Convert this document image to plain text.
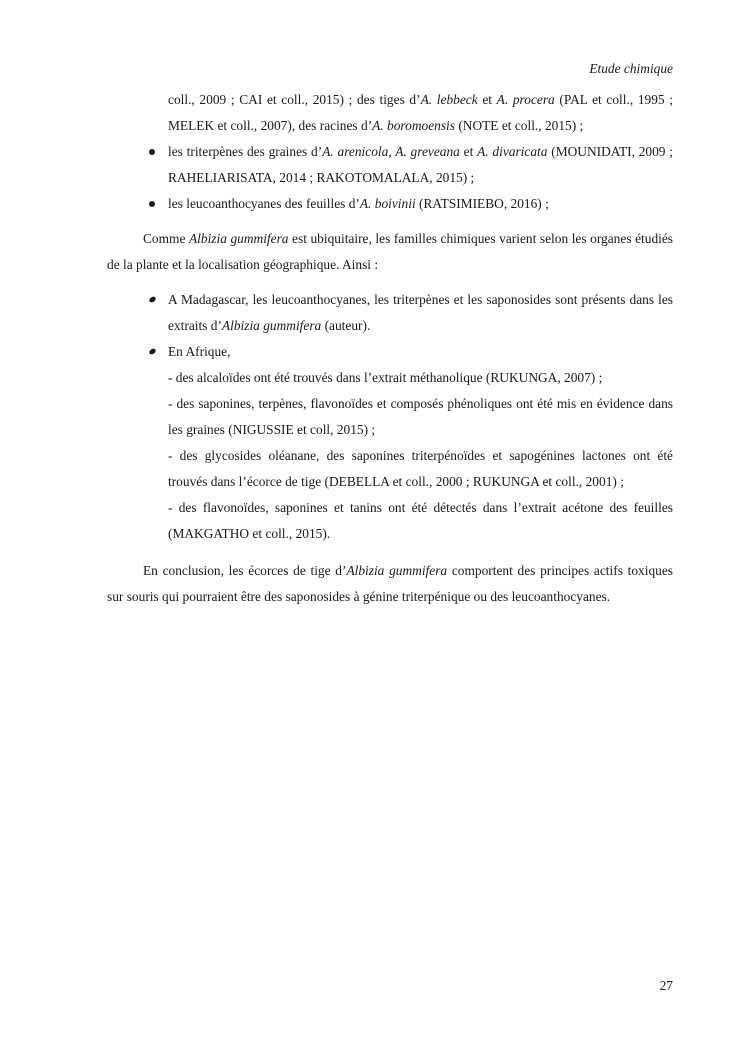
Etude chimique

coll., 2009 ; CAI et coll., 2015) ; des tiges d’A. lebbeck et A. procera (PAL et coll., 1995 ; MELEK et coll., 2007), des racines d’A. boromoensis (NOTE et coll., 2015) ;

les triterpènes des graines d’A. arenicola, A. greveana et A. divaricata (MOUNIDATI, 2009 ; RAHELIARISATA, 2014 ; RAKOTOMALALA, 2015) ;
les leucoanthocyanes des feuilles d’A. boivinii (RATSIMIEBO, 2016) ;

Comme Albizia gummifera est ubiquitaire, les familles chimiques varient selon les organes étudiés de la plante et la localisation géographique. Ainsi :

A Madagascar, les leucoanthocyanes, les triterpènes et les saponosides sont présents dans les extraits d’Albizia gummifera (auteur).
En Afrique,
- des alcaloïdes ont été trouvés dans l’extrait méthanolique (RUKUNGA, 2007) ;
- des saponines, terpènes, flavonoïdes et composés phénoliques ont été mis en évidence dans les graines (NIGUSSIE et coll, 2015) ;
- des glycosides oléanane, des saponines triterpénoïdes et sapogénines lactones ont été trouvés dans l’écorce de tige (DEBELLA et coll., 2000 ; RUKUNGA et coll., 2001) ;
- des flavonoïdes, saponines et tanins ont été détectés dans l’extrait acétone des feuilles (MAKGATHO et coll., 2015).

En conclusion, les écorces de tige d’Albizia gummifera comportent des principes actifs toxiques sur souris qui pourraient être des saponosides à génine triterpénique ou des leucoanthocyanes.

27
